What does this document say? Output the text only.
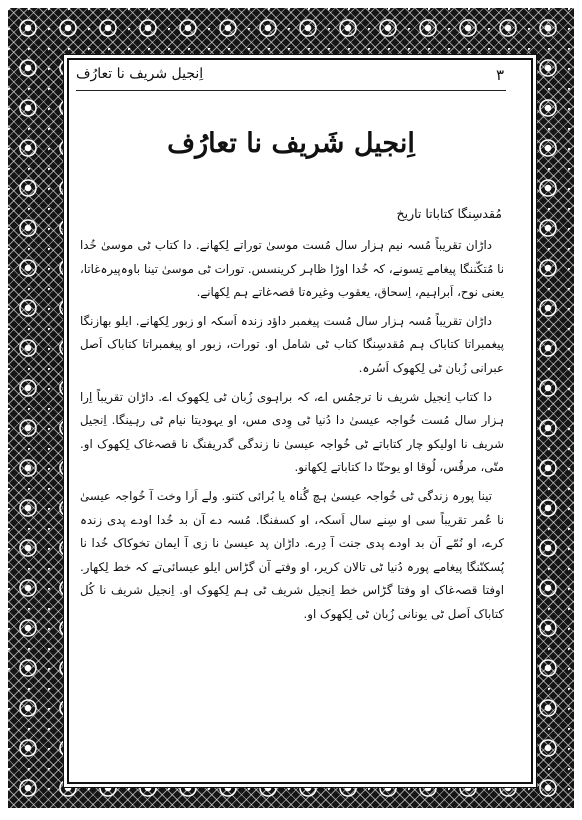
اِنجیل شریف نا تعارُف	۳
اِنجیل شَریف نا تعارُف
مُقدسِنگا کتاباتا تاریخ

داڑان تقریباً مُسہ نیم ہزار سال مُست موسیٰ توراتے لِکھانے. دا کتاب ٹی موسیٰ خُدا نا مُتکّننگا پیغامے تِسونے، کہ خُدا اوڑا ظاہر کرینسس. تورات ٹی موسیٰ تینا باوہ‌پیرہ‌غاتا، یعنی نوح، اَبراہیم، اِسحاق، یعقوب وغیرہ‌تا قصہ‌غاتے ہم لِکھانے.

داڑان تقریباً مُسہ ہزار سال مُست پیغمبر داؤد زندہ اَسکہ او زبور لِکھانے. ایلو بھازنگا پیغمبراتا کتاباک ہم مُقدسِنگا کتاب ٹی شامل او. تورات، زبور او پیغمبراتا کتاباک اَصل عبرانی زُبان ٹی لِکھوک اَسُرہ.

دا کتاب اِنجیل شریف نا ترجمُس اے، کہ براہوی زُبان ٹی لِکھوک اے. داڑان تقریباً اِرا ہزار سال مُست خُواجہ عیسیٰ دا دُنیا ٹی وِدی مس، او یہودیتا نیام ٹی رہینگا. اِنجیل شریف نا اولیکو چار کتاباتے ٹی خُواجہ عیسیٰ نا زندگی گدریفنگ نا قصہ‌غاک لِکھوک او. متّی، مرقُس، لُوقا او یوحنّا دا کتاباتے لِکھانو.

تینا پورہ زندگی ٹی خُواجہ عیسیٰ ہچ گُناہ یا بُرائی کتنو. ولے اَرا وخت آ خُواجہ عیسیٰ نا عُمر تقریباً سی او سِنے سال اَسکہ، او کسفنگا. مُسہ دے آن بد خُدا اودے پدی زندہ کرے، او نُمّے آن بد اودے پدی جنت آ دِرے. داڑان پد عیسیٰ نا زی آ ایمان تخوکاک خُدا نا پُسکنّنگا پیغامے پورہ دُنیا ٹی تالان کریر، او وفتے آن گڑاس ایلو عیسائی‌تے کہ خط لِکھار. اوفتا قصہ‌غاک او وفتا گڑاس خط اِنجیل شریف ٹی ہم لِکھوک او. اِنجیل شریف نا کُل کتاباک اَصل ٹی یونانی زُبان ٹی لِکھوک او.
